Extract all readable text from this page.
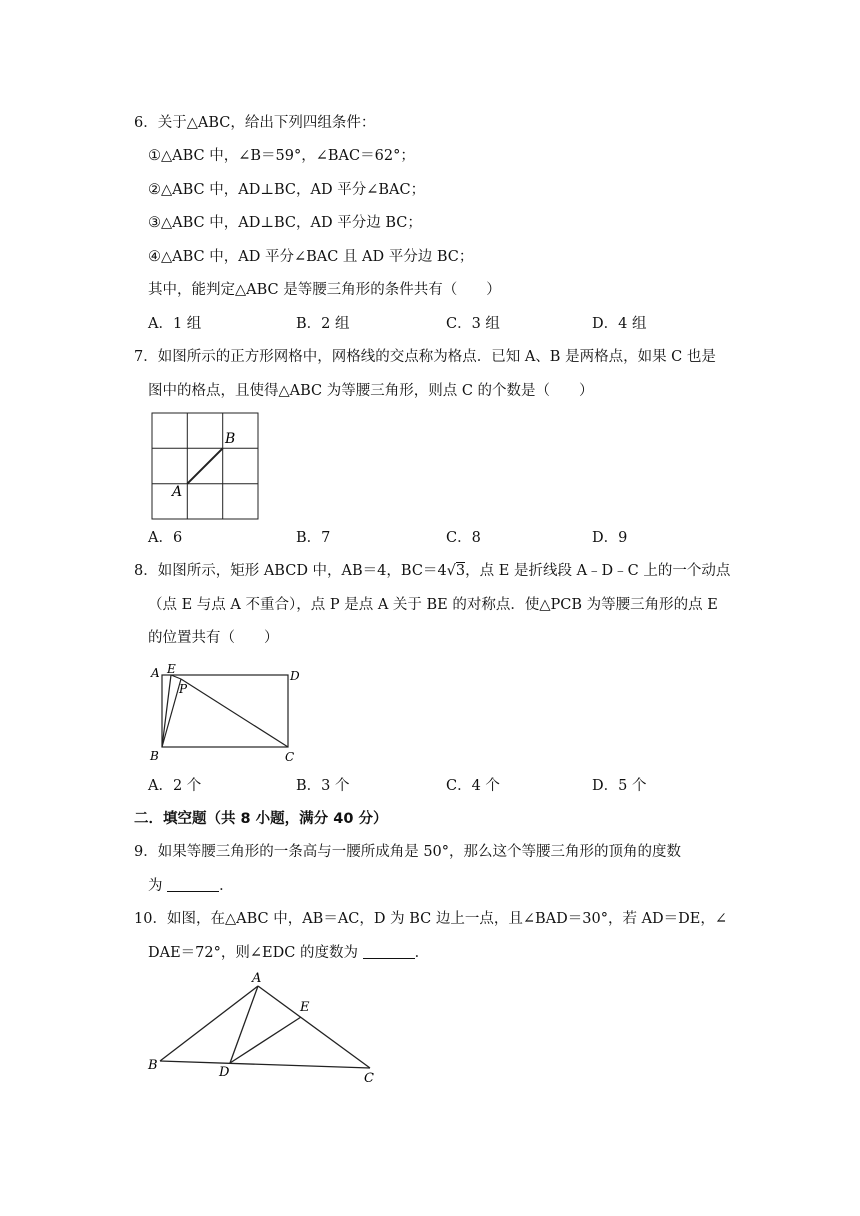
6．关于△ABC，给出下列四组条件：
①△ABC 中，∠B＝59°，∠BAC＝62°；
②△ABC 中，AD⊥BC，AD 平分∠BAC；
③△ABC 中，AD⊥BC，AD 平分边 BC；
④△ABC 中，AD 平分∠BAC 且 AD 平分边 BC；
其中，能判定△ABC 是等腰三角形的条件共有（　　）
A．1 组	B．2 组	C．3 组	D．4 组
7．如图所示的正方形网格中，网格线的交点称为格点．已知 A、B 是两格点，如果 C 也是
图中的格点，且使得△ABC 为等腰三角形，则点 C 的个数是（　　）
A
B
A．6	B．7	C．8	D．9
8．如图所示，矩形 ABCD 中，AB＝4，BC＝4√3，点 E 是折线段 A﹣D﹣C 上的一个动点
（点 E 与点 A 不重合），点 P 是点 A 关于 BE 的对称点．使△PCB 为等腰三角形的点 E
的位置共有（　　）
A E
P
D
B	C
A．2 个	B．3 个	C．4 个	D．5 个
二．填空题（共 8 小题，满分 40 分）
9．如果等腰三角形的一条高与一腰所成角是 50°，那么这个等腰三角形的顶角的度数
为	．
10．如图，在△ABC 中，AB＝AC，D 为 BC 边上一点，且∠BAD＝30°，若 AD＝DE，∠
DAE＝72°，则∠EDC 的度数为	．
A
E
B	D	C
